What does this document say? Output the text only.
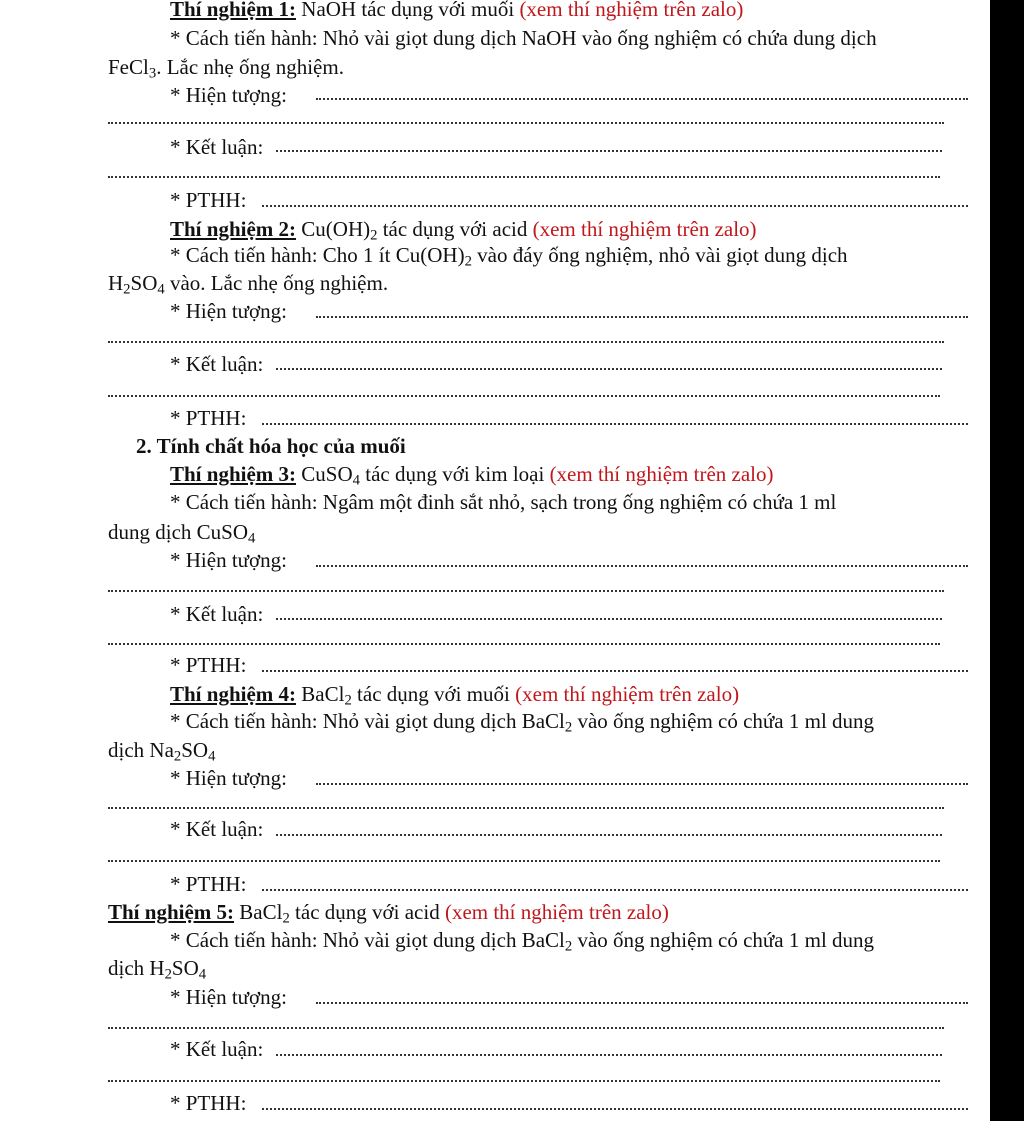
Thí nghiệm 1: NaOH tác dụng với muối (xem thí nghiệm trên zalo)
* Cách tiến hành: Nhỏ vài giọt dung dịch NaOH vào ống nghiệm có chứa dung dịch
FeCl$_3$. Lắc nhẹ ống nghiệm.
* Hiện tượng:
* Kết luận:
* PTHH:
Thí nghiệm 2: $Cu(OH)_2$ tác dụng với acid (xem thí nghiệm trên zalo)
* Cách tiến hành: Cho 1 ít $Cu(OH)_2$ vào đáy ống nghiệm, nhỏ vài giọt dung dịch
$H_2SO_4$ vào. Lắc nhẹ ống nghiệm.
* Hiện tượng:
* Kết luận:
* PTHH:
2. Tính chất hóa học của muối
Thí nghiệm 3: CuSO$_4$ tác dụng với kim loại (xem thí nghiệm trên zalo)
* Cách tiến hành: Ngâm một đinh sắt nhỏ, sạch trong ống nghiệm có chứa 1 ml
dung dịch CuSO$_4$
* Hiện tượng:
* Kết luận:
* PTHH:
Thí nghiệm 4: BaCl$_2$ tác dụng với muối (xem thí nghiệm trên zalo)
* Cách tiến hành: Nhỏ vài giọt dung dịch BaCl$_2$ vào ống nghiệm có chứa 1 ml dung
dịch $Na_2SO_4$
* Hiện tượng:
* Kết luận:
* PTHH:
Thí nghiệm 5: BaCl$_2$ tác dụng với acid (xem thí nghiệm trên zalo)
* Cách tiến hành: Nhỏ vài giọt dung dịch BaCl$_2$ vào ống nghiệm có chứa 1 ml dung
dịch $H_2SO_4$
* Hiện tượng:
* Kết luận:
* PTHH:
